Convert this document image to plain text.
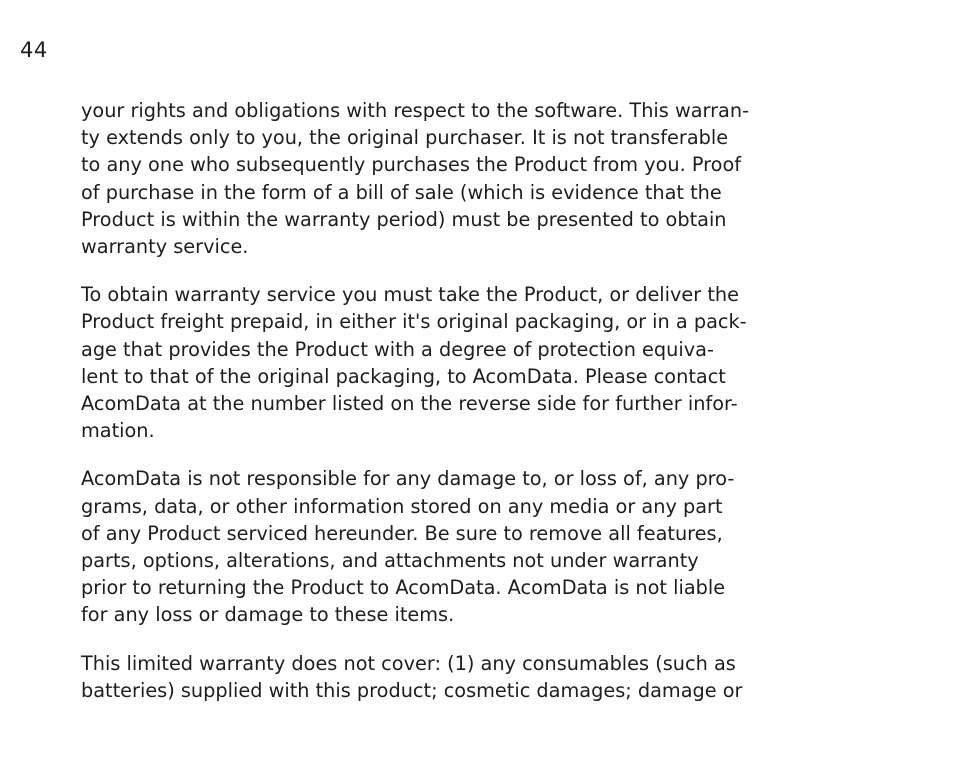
44

your rights and obligations with respect to the software. This warran-
ty extends only to you, the original purchaser. It is not transferable
to any one who subsequently purchases the Product from you. Proof
of purchase in the form of a bill of sale (which is evidence that the
Product is within the warranty period) must be presented to obtain
warranty service.

To obtain warranty service you must take the Product, or deliver the
Product freight prepaid, in either it's original packaging, or in a pack-
age that provides the Product with a degree of protection equiva-
lent to that of the original packaging, to AcomData. Please contact
AcomData at the number listed on the reverse side for further infor-
mation.

AcomData is not responsible for any damage to, or loss of, any pro-
grams, data, or other information stored on any media or any part
of any Product serviced hereunder. Be sure to remove all features,
parts, options, alterations, and attachments not under warranty
prior to returning the Product to AcomData. AcomData is not liable
for any loss or damage to these items.

This limited warranty does not cover: (1) any consumables (such as
batteries) supplied with this product; cosmetic damages; damage or
